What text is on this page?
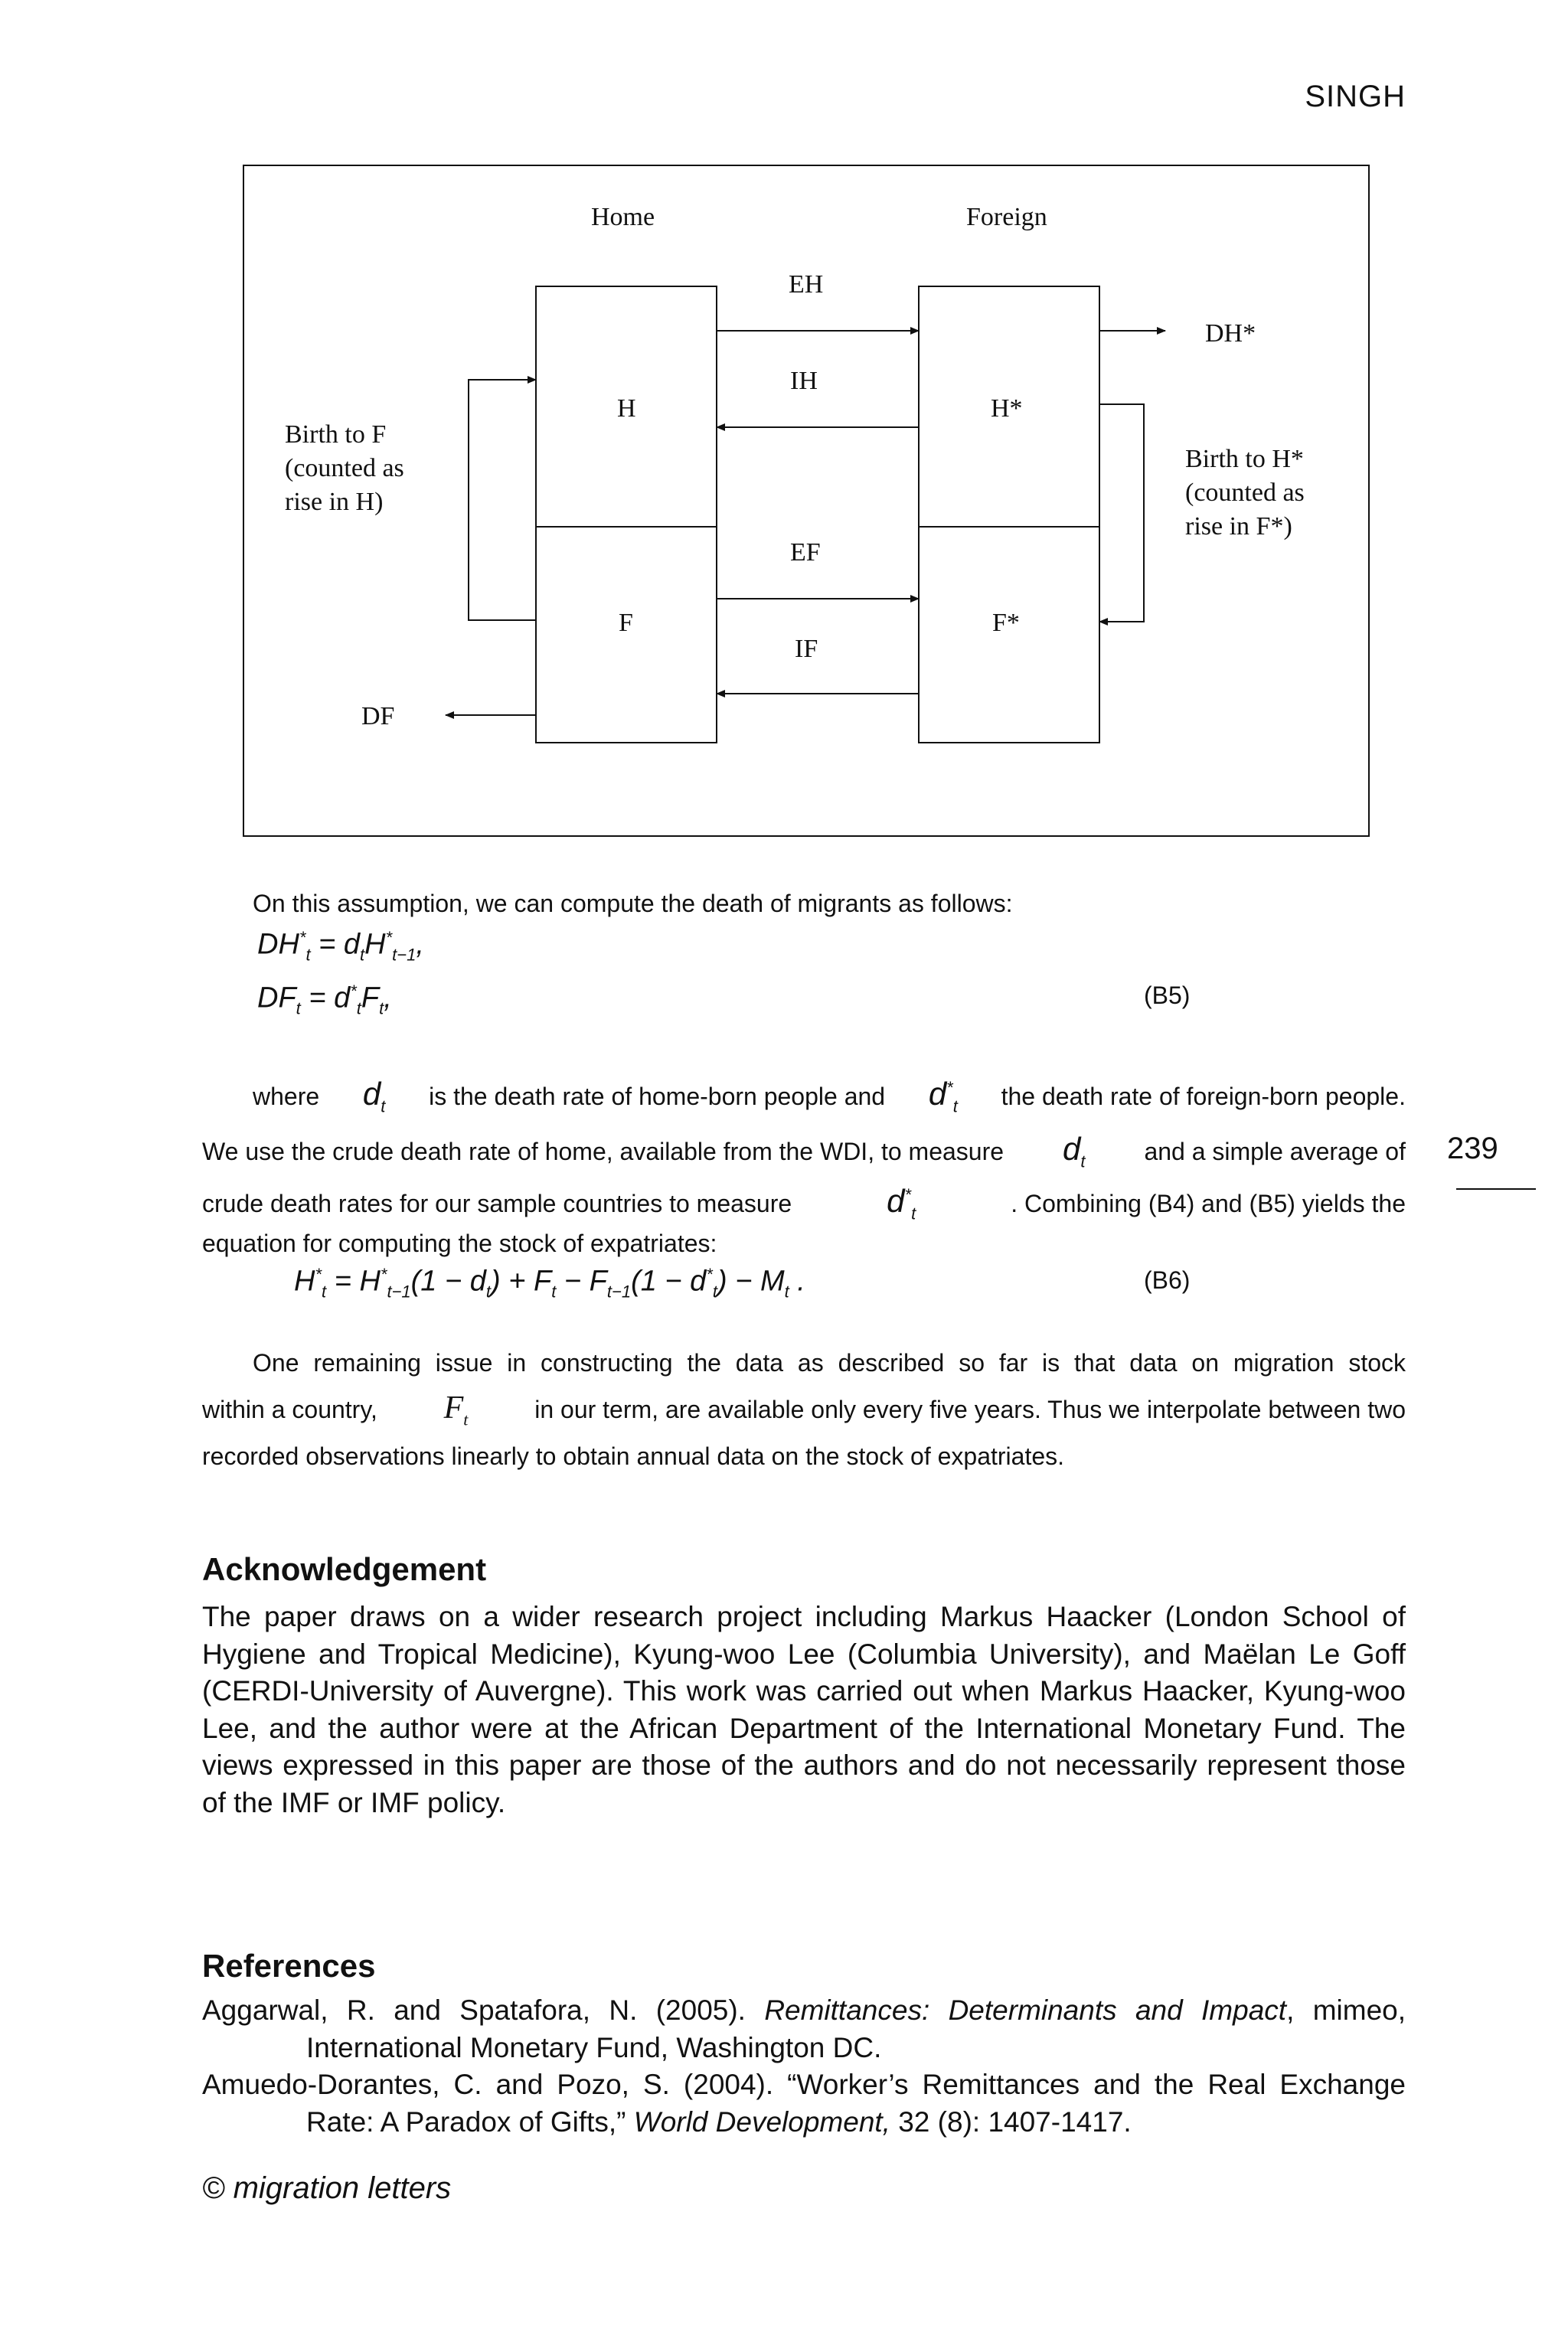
SINGH
239
Home	Foreign
H
F
H*
F*
EH
IH
EF
IF
DH*
DF
Birth to F
(counted as
rise in H)
Birth to H*
(counted as
rise in F*)
On this assumption, we can compute the death of migrants as follows:
$DH^*_t = d_tH^*_{t-1}$,
$DF_t = d^*_tF_t$,	(B5)
where $d_t$ is the death rate of home-born people and $d^*_t$ the death rate of foreign-born people.
We use the crude death rate of home, available from the WDI, to measure $d_t$ and a simple average of
crude death rates for our sample countries to measure	$d^*_t$	. Combining (B4) and (B5) yields the
equation for computing the stock of expatriates:
$H^*_t = H^*_{t-1}(1 - d_t) + F_t - F_{t-1}(1 - d^*_t) - M_t$ .	(B6)
One remaining issue in constructing the data as described so far is that data on migration stock
within a country, $F_t$	in our term, are available only every five years. Thus we interpolate between two
recorded observations linearly to obtain annual data on the stock of expatriates.
Acknowledgement
The paper draws on a wider research project including Markus Haacker (London School of Hygiene and Tropical Medicine), Kyung-woo Lee (Columbia University), and Maëlan Le Goff (CERDI-University of Auvergne). This work was carried out when Markus Haacker, Kyung-woo Lee, and the author were at the African Department of the International Monetary Fund. The views expressed in this paper are those of the authors and do not necessarily represent those of the IMF or IMF policy.
References
Aggarwal, R. and Spatafora, N. (2005). Remittances: Determinants and Impact, mimeo, International Monetary Fund, Washington DC.
Amuedo-Dorantes, C. and Pozo, S. (2004). “Worker’s Remittances and the Real Exchange Rate: A Paradox of Gifts,” World Development, 32 (8): 1407-1417.
© migration letters
